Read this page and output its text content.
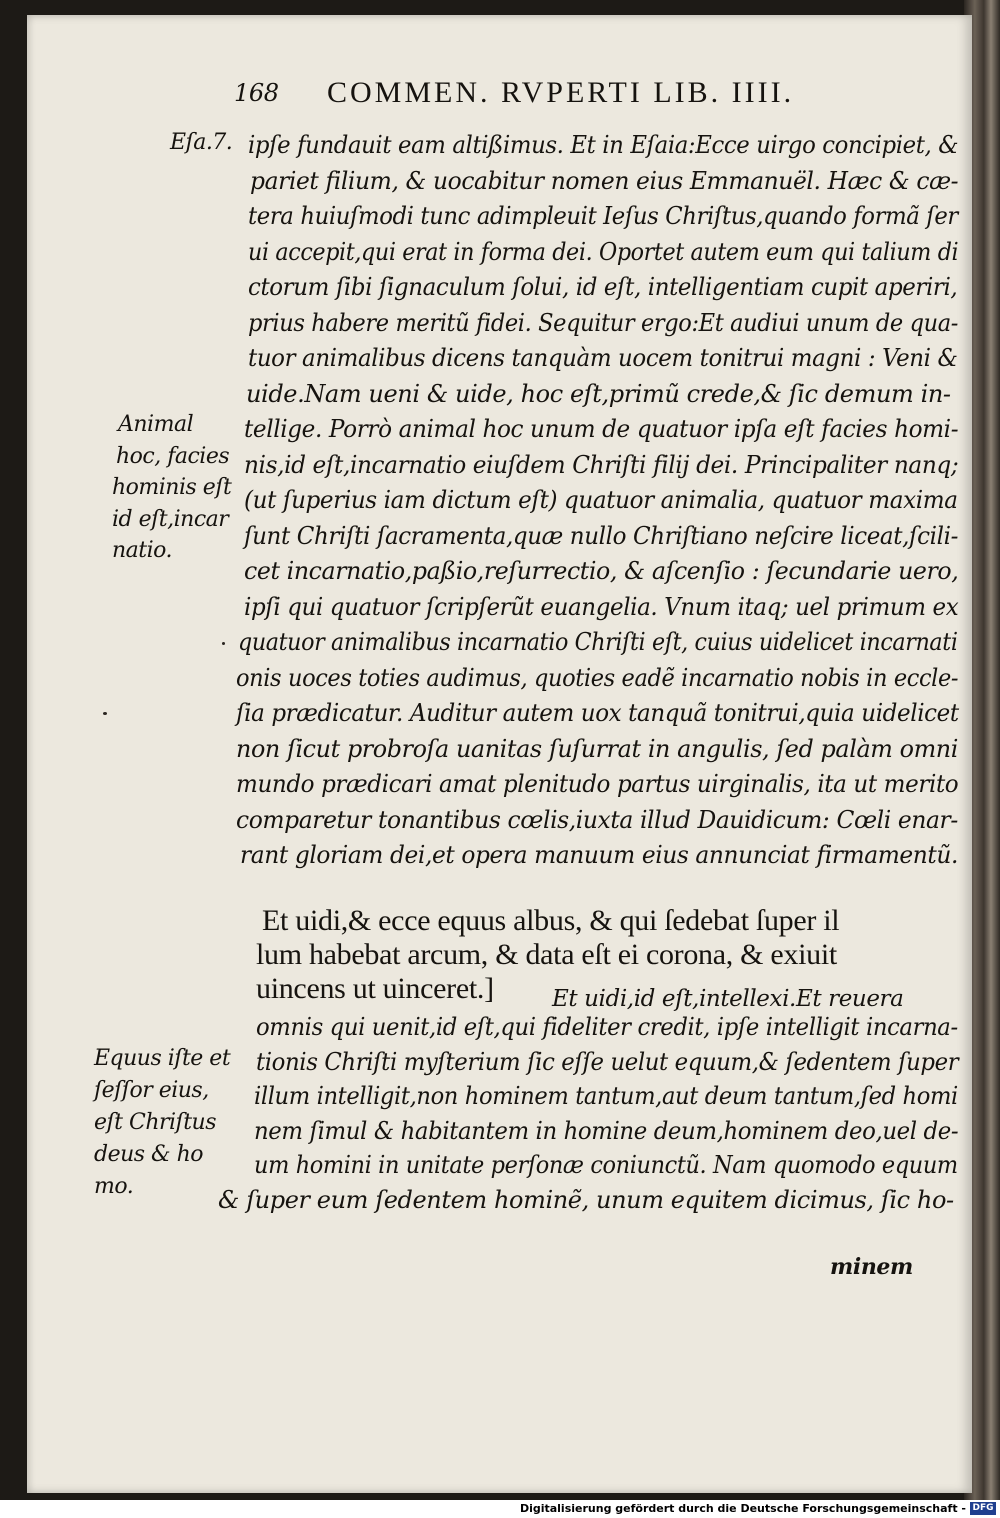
168 COMMEN. RVPERTI LIB. IIII.
Eſa.7. ipſe fundauit eam altißimus. Et in Eſaia:Ecce uirgo concipiet, &
pariet filium, & uocabitur nomen eius Emmanuël. Hæc & cæ-
tera huiuſmodi tunc adimpleuit Ieſus Chriſtus,quando formã ſer
ui accepit,qui erat in forma dei. Oportet autem eum qui talium di
ctorum ſibi ſignaculum ſolui, id eſt, intelligentiam cupit aperiri,
prius habere meritũ fidei. Sequitur ergo:Et audiui unum de qua-
tuor animalibus dicens tanquàm uocem tonitrui magni : Veni &
uide.Nam ueni & uide, hoc eſt,primũ crede,& ſic demum in-
tellige. Porrò animal hoc unum de quatuor ipſa eſt facies homi-
nis,id eſt,incarnatio eiuſdem Chriſti filij dei. Principaliter nanq;
(ut ſuperius iam dictum eſt) quatuor animalia, quatuor maxima
ſunt Chriſti ſacramenta,quæ nullo Chriſtiano neſcire liceat,ſcili-
cet incarnatio,paßio,reſurrectio, & aſcenſio : ſecundarie uero,
ipſi qui quatuor ſcripſerũt euangelia. Vnum itaq; uel primum ex
quatuor animalibus incarnatio Chriſti eſt, cuius uidelicet incarnati
onis uoces toties audimus, quoties eadẽ incarnatio nobis in eccle-
ſia prædicatur. Auditur autem uox tanquã tonitrui,quia uidelicet
non ſicut probroſa uanitas ſuſurrat in angulis, ſed palàm omni
mundo prædicari amat plenitudo partus uirginalis, ita ut merito
comparetur tonantibus cœlis,iuxta illud Dauidicum: Cœli enar-
rant gloriam dei,et opera manuum eius annunciat firmamentũ.
Animal
hoc, facies
hominis eſt
id eſt,incar
natio.
Et uidi,& ecce equus albus, & qui ſedebat ſuper il
lum habebat arcum, & data eſt ei corona, & exiuit
uincens ut uinceret.]	Et uidi,id eſt,intellexi.Et reuera
omnis qui uenit,id eſt,qui fideliter credit, ipſe intelligit incarna-
tionis Chriſti myſterium ſic eſſe uelut equum,& ſedentem ſuper
illum intelligit,non hominem tantum,aut deum tantum,ſed homi
nem ſimul & habitantem in homine deum,hominem deo,uel de-
um homini in unitate perſonæ coniunctũ. Nam quomodo equum
& ſuper eum ſedentem hominẽ, unum equitem dicimus, ſic ho-
Equus iſte et
ſeſſor eius,
eſt Chriſtus
deus & ho
mo.
minem
Digitalisierung gefördert durch die Deutsche Forschungsgemeinschaft - DFG
